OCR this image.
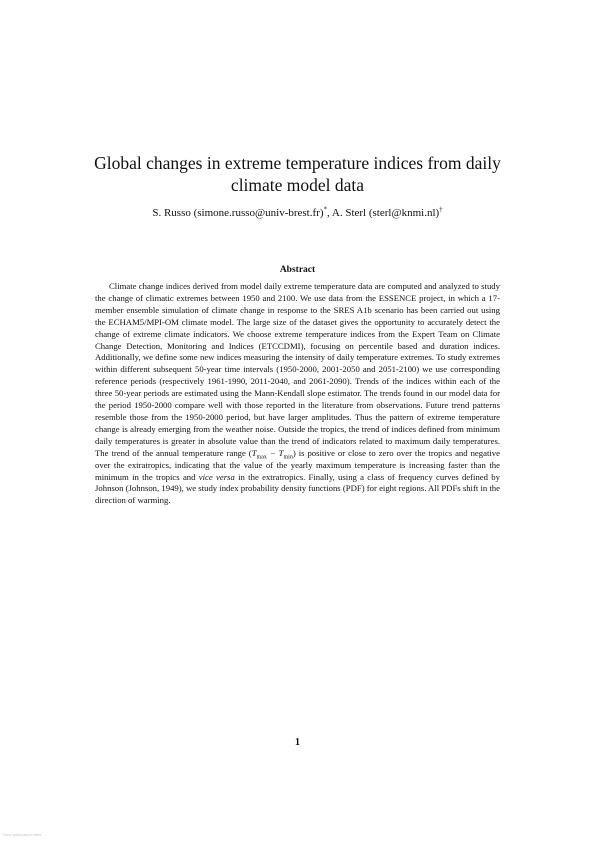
Global changes in extreme temperature indices from daily
climate model data
S. Russo (simone.russo@univ-brest.fr)*, A. Sterl (sterl@knmi.nl)†
Abstract

Climate change indices derived from model daily extreme temperature data are computed and analyzed to study the change of climatic extremes between 1950 and 2100. We use data from the ESSENCE project, in which a 17-member ensemble simulation of climate change in response to the SRES A1b scenario has been carried out using the ECHAM5/MPI-OM climate model. The large size of the dataset gives the opportunity to accurately detect the change of extreme climate indicators. We choose extreme temperature indices from the Expert Team on Climate Change Detection, Monitoring and Indices (ETCCDMI), focusing on percentile based and duration indices. Additionally, we define some new indices measuring the intensity of daily temperature extremes. To study extremes within different subsequent 50-year time intervals (1950-2000, 2001-2050 and 2051-2100) we use corresponding reference periods (respectively 1961-1990, 2011-2040, and 2061-2090). Trends of the indices within each of the three 50-year periods are estimated using the Mann-Kendall slope estimator. The trends found in our model data for the period 1950-2000 compare well with those reported in the literature from observations. Future trend patterns resemble those from the 1950-2000 period, but have larger amplitudes. Thus the pattern of extreme temperature change is already emerging from the weather noise. Outside the tropics, the trend of indices defined from minimum daily temperatures is greater in absolute value than the trend of indicators related to maximum daily temperatures. The trend of the annual temperature range $(T_{max} - T_{min})$ is positive or close to zero over the tropics and negative over the extratropics, indicating that the value of the yearly maximum temperature is increasing faster than the minimum in the tropics and vice versa in the extratropics. Finally, using a class of frequency curves defined by Johnson (Johnson, 1949), we study index probability density functions (PDF) for eight regions. All PDFs shift in the direction of warming.

1
View publication stats
